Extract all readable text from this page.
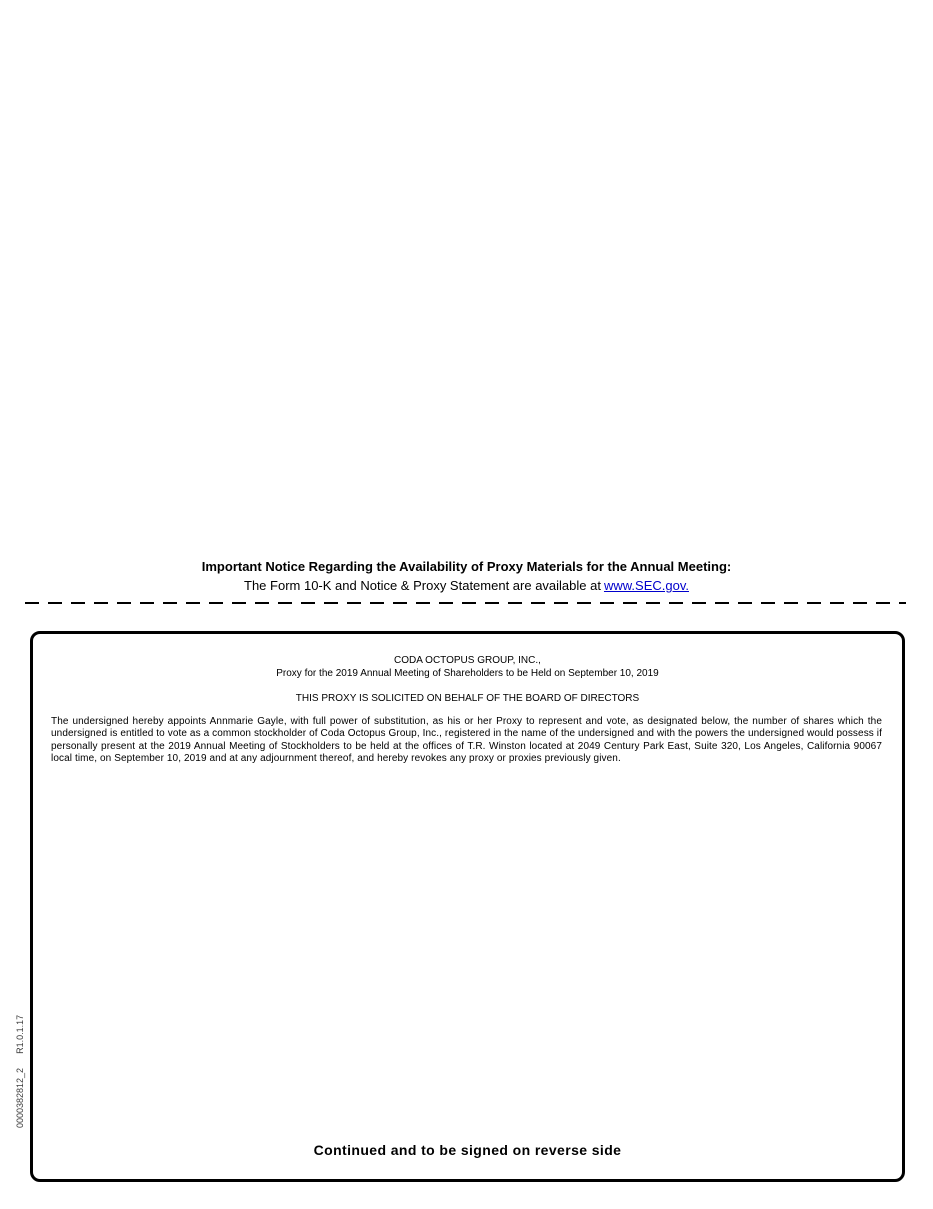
Important Notice Regarding the Availability of Proxy Materials for the Annual Meeting:
The Form 10-K and Notice & Proxy Statement are available at www.SEC.gov.
CODA OCTOPUS GROUP, INC.,
Proxy for the 2019 Annual Meeting of Shareholders to be Held on September 10, 2019
THIS PROXY IS SOLICITED ON BEHALF OF THE BOARD OF DIRECTORS
The undersigned hereby appoints Annmarie Gayle, with full power of substitution, as his or her Proxy to represent and vote, as designated below, the number of shares which the undersigned is entitled to vote as a common stockholder of Coda Octopus Group, Inc., registered in the name of the undersigned and with the powers the undersigned would possess if personally present at the 2019 Annual Meeting of Stockholders to be held at the offices of T.R. Winston located at 2049 Century Park East, Suite 320, Los Angeles, California 90067 local time, on September 10, 2019 and at any adjournment thereof, and hereby revokes any proxy or proxies previously given.
Continued and to be signed on reverse side
0000382812_2R1.0.1.17
